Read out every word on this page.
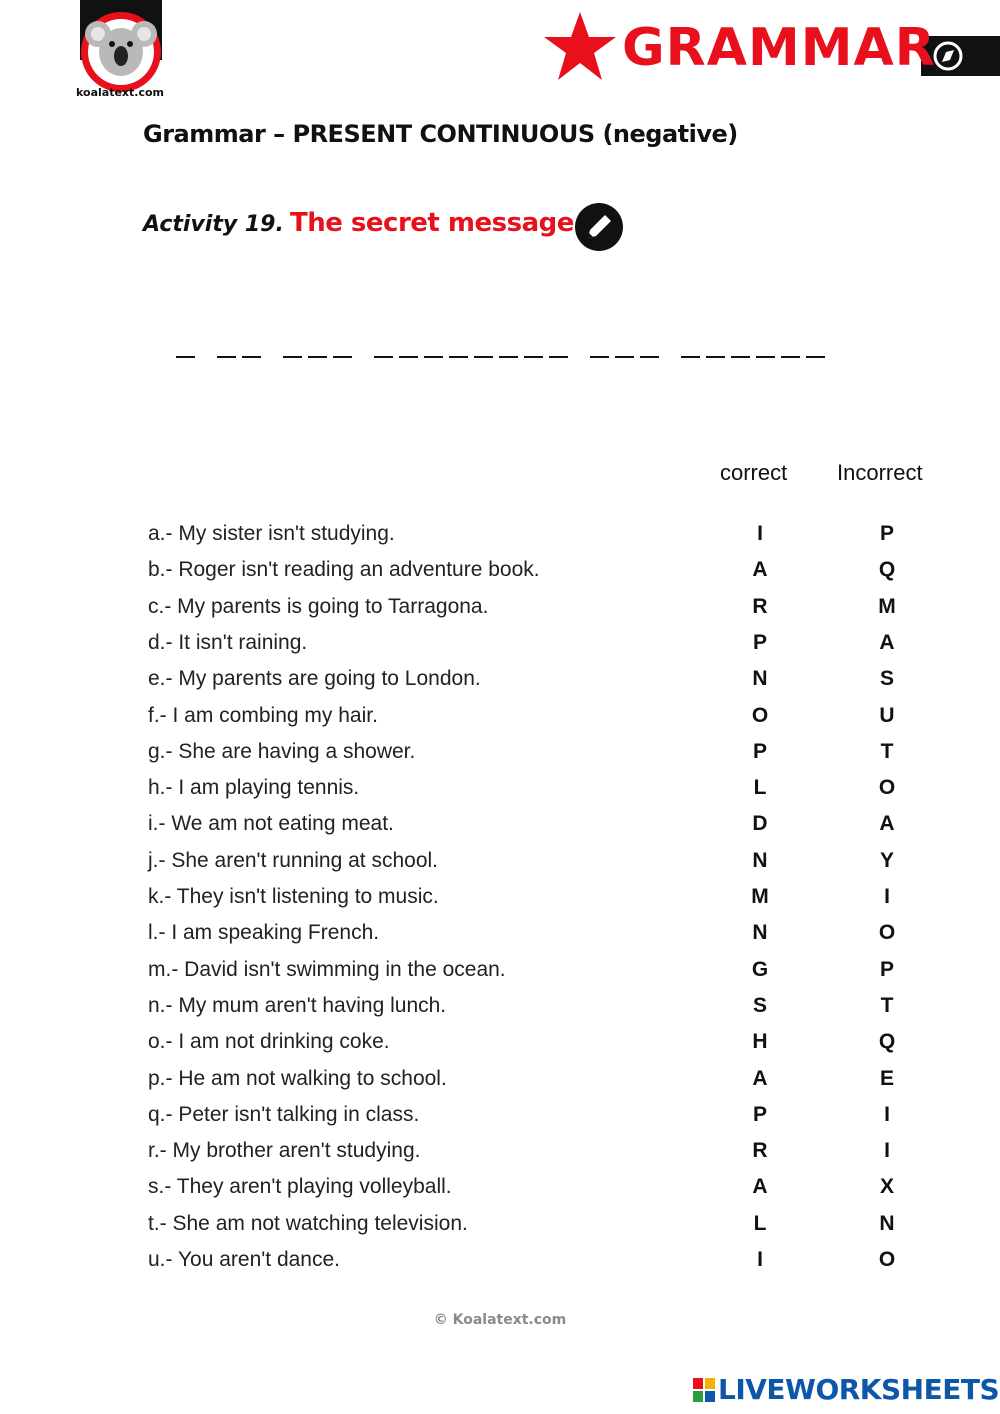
koalatext.com
GRAMMAR
Grammar – PRESENT CONTINUOUS (negative)
Activity 19. The secret message
correct Incorrect
a.- My sister isn't studying.	I	P
b.- Roger isn't reading an adventure book.	A	Q
c.- My parents is going to Tarragona.	R	M
d.- It isn't raining.	P	A
e.- My parents are going to London.	N	S
f.- I am combing my hair.	O	U
g.- She are having a shower.	P	T
h.- I am playing tennis.	L	O
i.- We am not eating meat.	D	A
j.- She aren't running at school.	N	Y
k.- They isn't listening to music.	M	I
l.- I am speaking French.	N	O
m.- David isn't swimming in the ocean.	G	P
n.- My mum aren't having lunch.	S	T
o.- I am not drinking coke.	H	Q
p.- He am not walking to school.	A	E
q.- Peter isn't talking in class.	P	I
r.- My brother aren't studying.	R	I
s.- They aren't playing volleyball.	A	X
t.- She am not watching television.	L	N
u.- You aren't dance.	I	O
© Koalatext.com
LIVEWORKSHEETS
